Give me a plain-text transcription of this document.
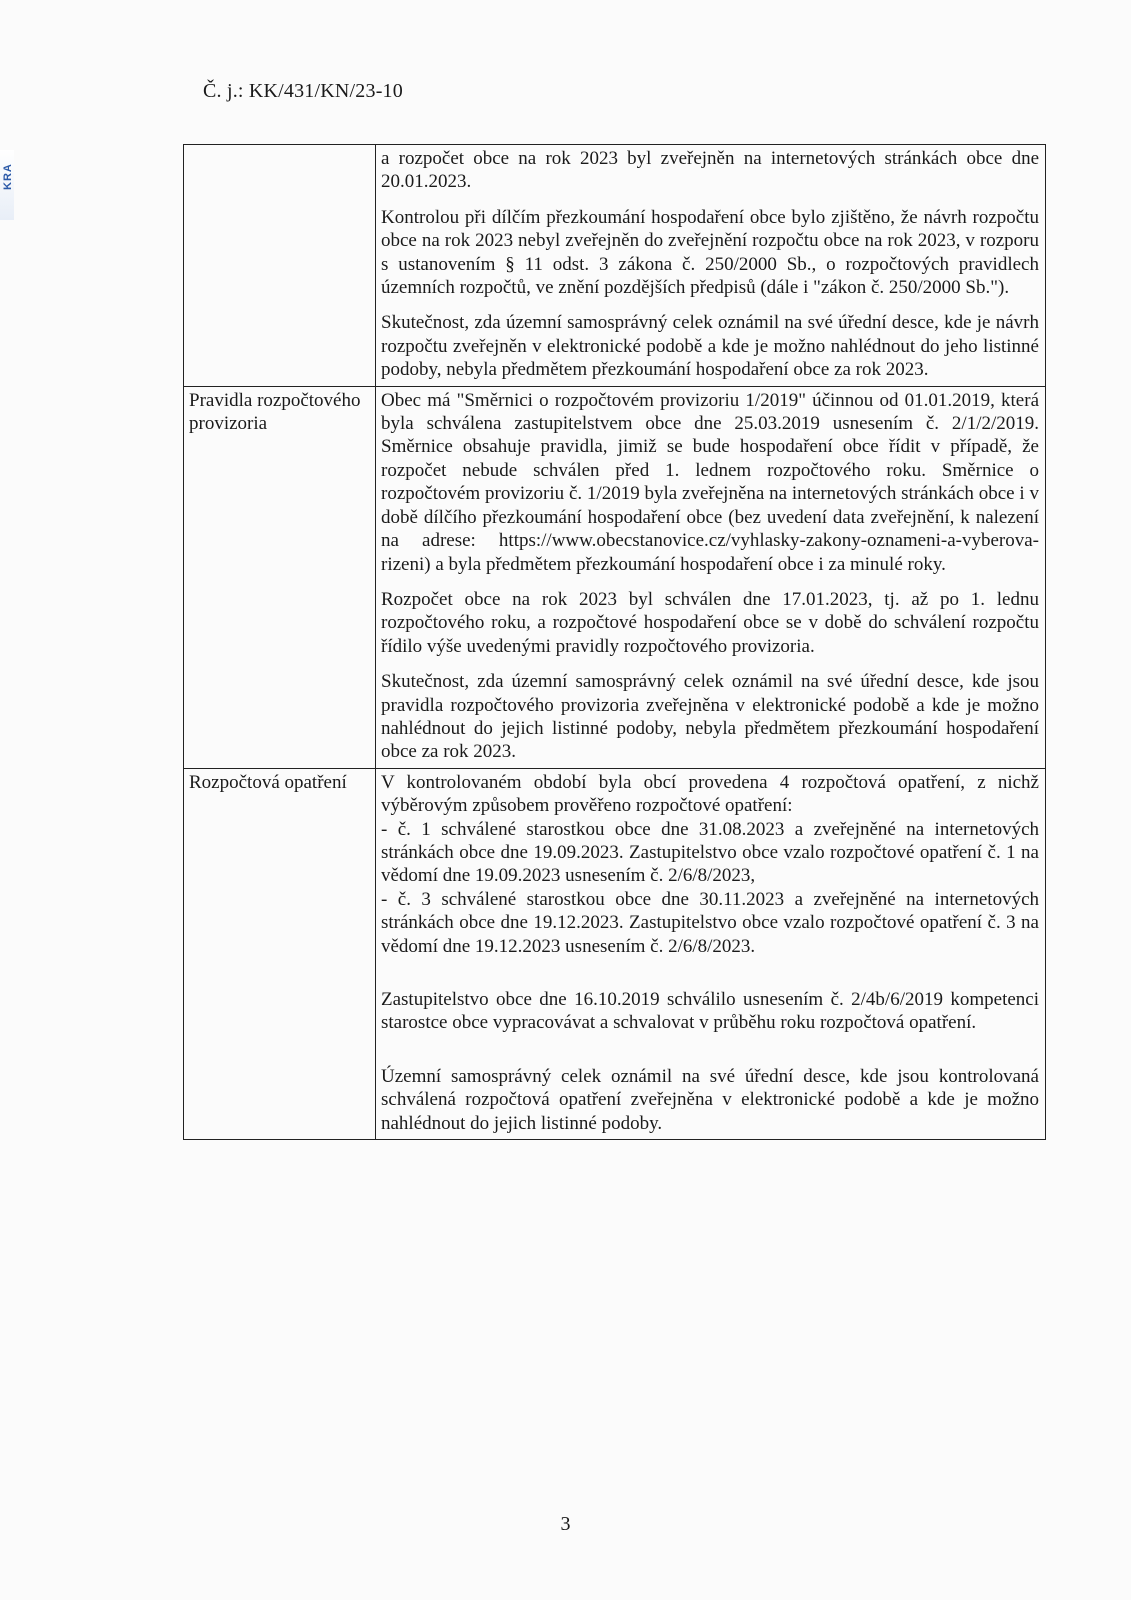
KRA
Č. j.: KK/431/KN/23-10

	a rozpočet obce na rok 2023 byl zveřejněn na internetových stránkách obce dne 20.01.2023.

Kontrolou při dílčím přezkoumání hospodaření obce bylo zjištěno, že návrh rozpočtu obce na rok 2023 nebyl zveřejněn do zveřejnění rozpočtu obce na rok 2023, v rozporu s ustanovením § 11 odst. 3 zákona č. 250/2000 Sb., o rozpočtových pravidlech územních rozpočtů, ve znění pozdějších předpisů (dále i "zákon č. 250/2000 Sb.").

Skutečnost, zda územní samosprávný celek oznámil na své úřední desce, kde je návrh rozpočtu zveřejněn v elektronické podobě a kde je možno nahlédnout do jeho listinné podoby, nebyla předmětem přezkoumání hospodaření obce za rok 2023.

Pravidla rozpočtového provizoria	Obec má "Směrnici o rozpočtovém provizoriu 1/2019" účinnou od 01.01.2019, která byla schválena zastupitelstvem obce dne 25.03.2019 usnesením č. 2/1/2/2019. Směrnice obsahuje pravidla, jimiž se bude hospodaření obce řídit v případě, že rozpočet nebude schválen před 1. lednem rozpočtového roku. Směrnice o rozpočtovém provizoriu č. 1/2019 byla zveřejněna na internetových stránkách obce i v době dílčího přezkoumání hospodaření obce (bez uvedení data zveřejnění, k nalezení na adrese: https://www.obecstanovice.cz/vyhlasky-zakony-oznameni-a-vyberova-rizeni) a byla předmětem přezkoumání hospodaření obce i za minulé roky.

Rozpočet obce na rok 2023 byl schválen dne 17.01.2023, tj. až po 1. lednu rozpočtového roku, a rozpočtové hospodaření obce se v době do schválení rozpočtu řídilo výše uvedenými pravidly rozpočtového provizoria.

Skutečnost, zda územní samosprávný celek oznámil na své úřední desce, kde jsou pravidla rozpočtového provizoria zveřejněna v elektronické podobě a kde je možno nahlédnout do jejich listinné podoby, nebyla předmětem přezkoumání hospodaření obce za rok 2023.

Rozpočtová opatření	V kontrolovaném období byla obcí provedena 4 rozpočtová opatření, z nichž výběrovým způsobem prověřeno rozpočtové opatření:

- č. 1 schválené starostkou obce dne 31.08.2023 a zveřejněné na internetových stránkách obce dne 19.09.2023. Zastupitelstvo obce vzalo rozpočtové opatření č. 1 na vědomí dne 19.09.2023 usnesením č. 2/6/8/2023,

- č. 3 schválené starostkou obce dne 30.11.2023 a zveřejněné na internetových stránkách obce dne 19.12.2023. Zastupitelstvo obce vzalo rozpočtové opatření č. 3 na vědomí dne 19.12.2023 usnesením č. 2/6/8/2023.

Zastupitelstvo obce dne 16.10.2019 schválilo usnesením č. 2/4b/6/2019 kompetenci starostce obce vypracovávat a schvalovat v průběhu roku rozpočtová opatření.

Územní samosprávný celek oznámil na své úřední desce, kde jsou kontrolovaná schválená rozpočtová opatření zveřejněna v elektronické podobě a kde je možno nahlédnout do jejich listinné podoby.

3
